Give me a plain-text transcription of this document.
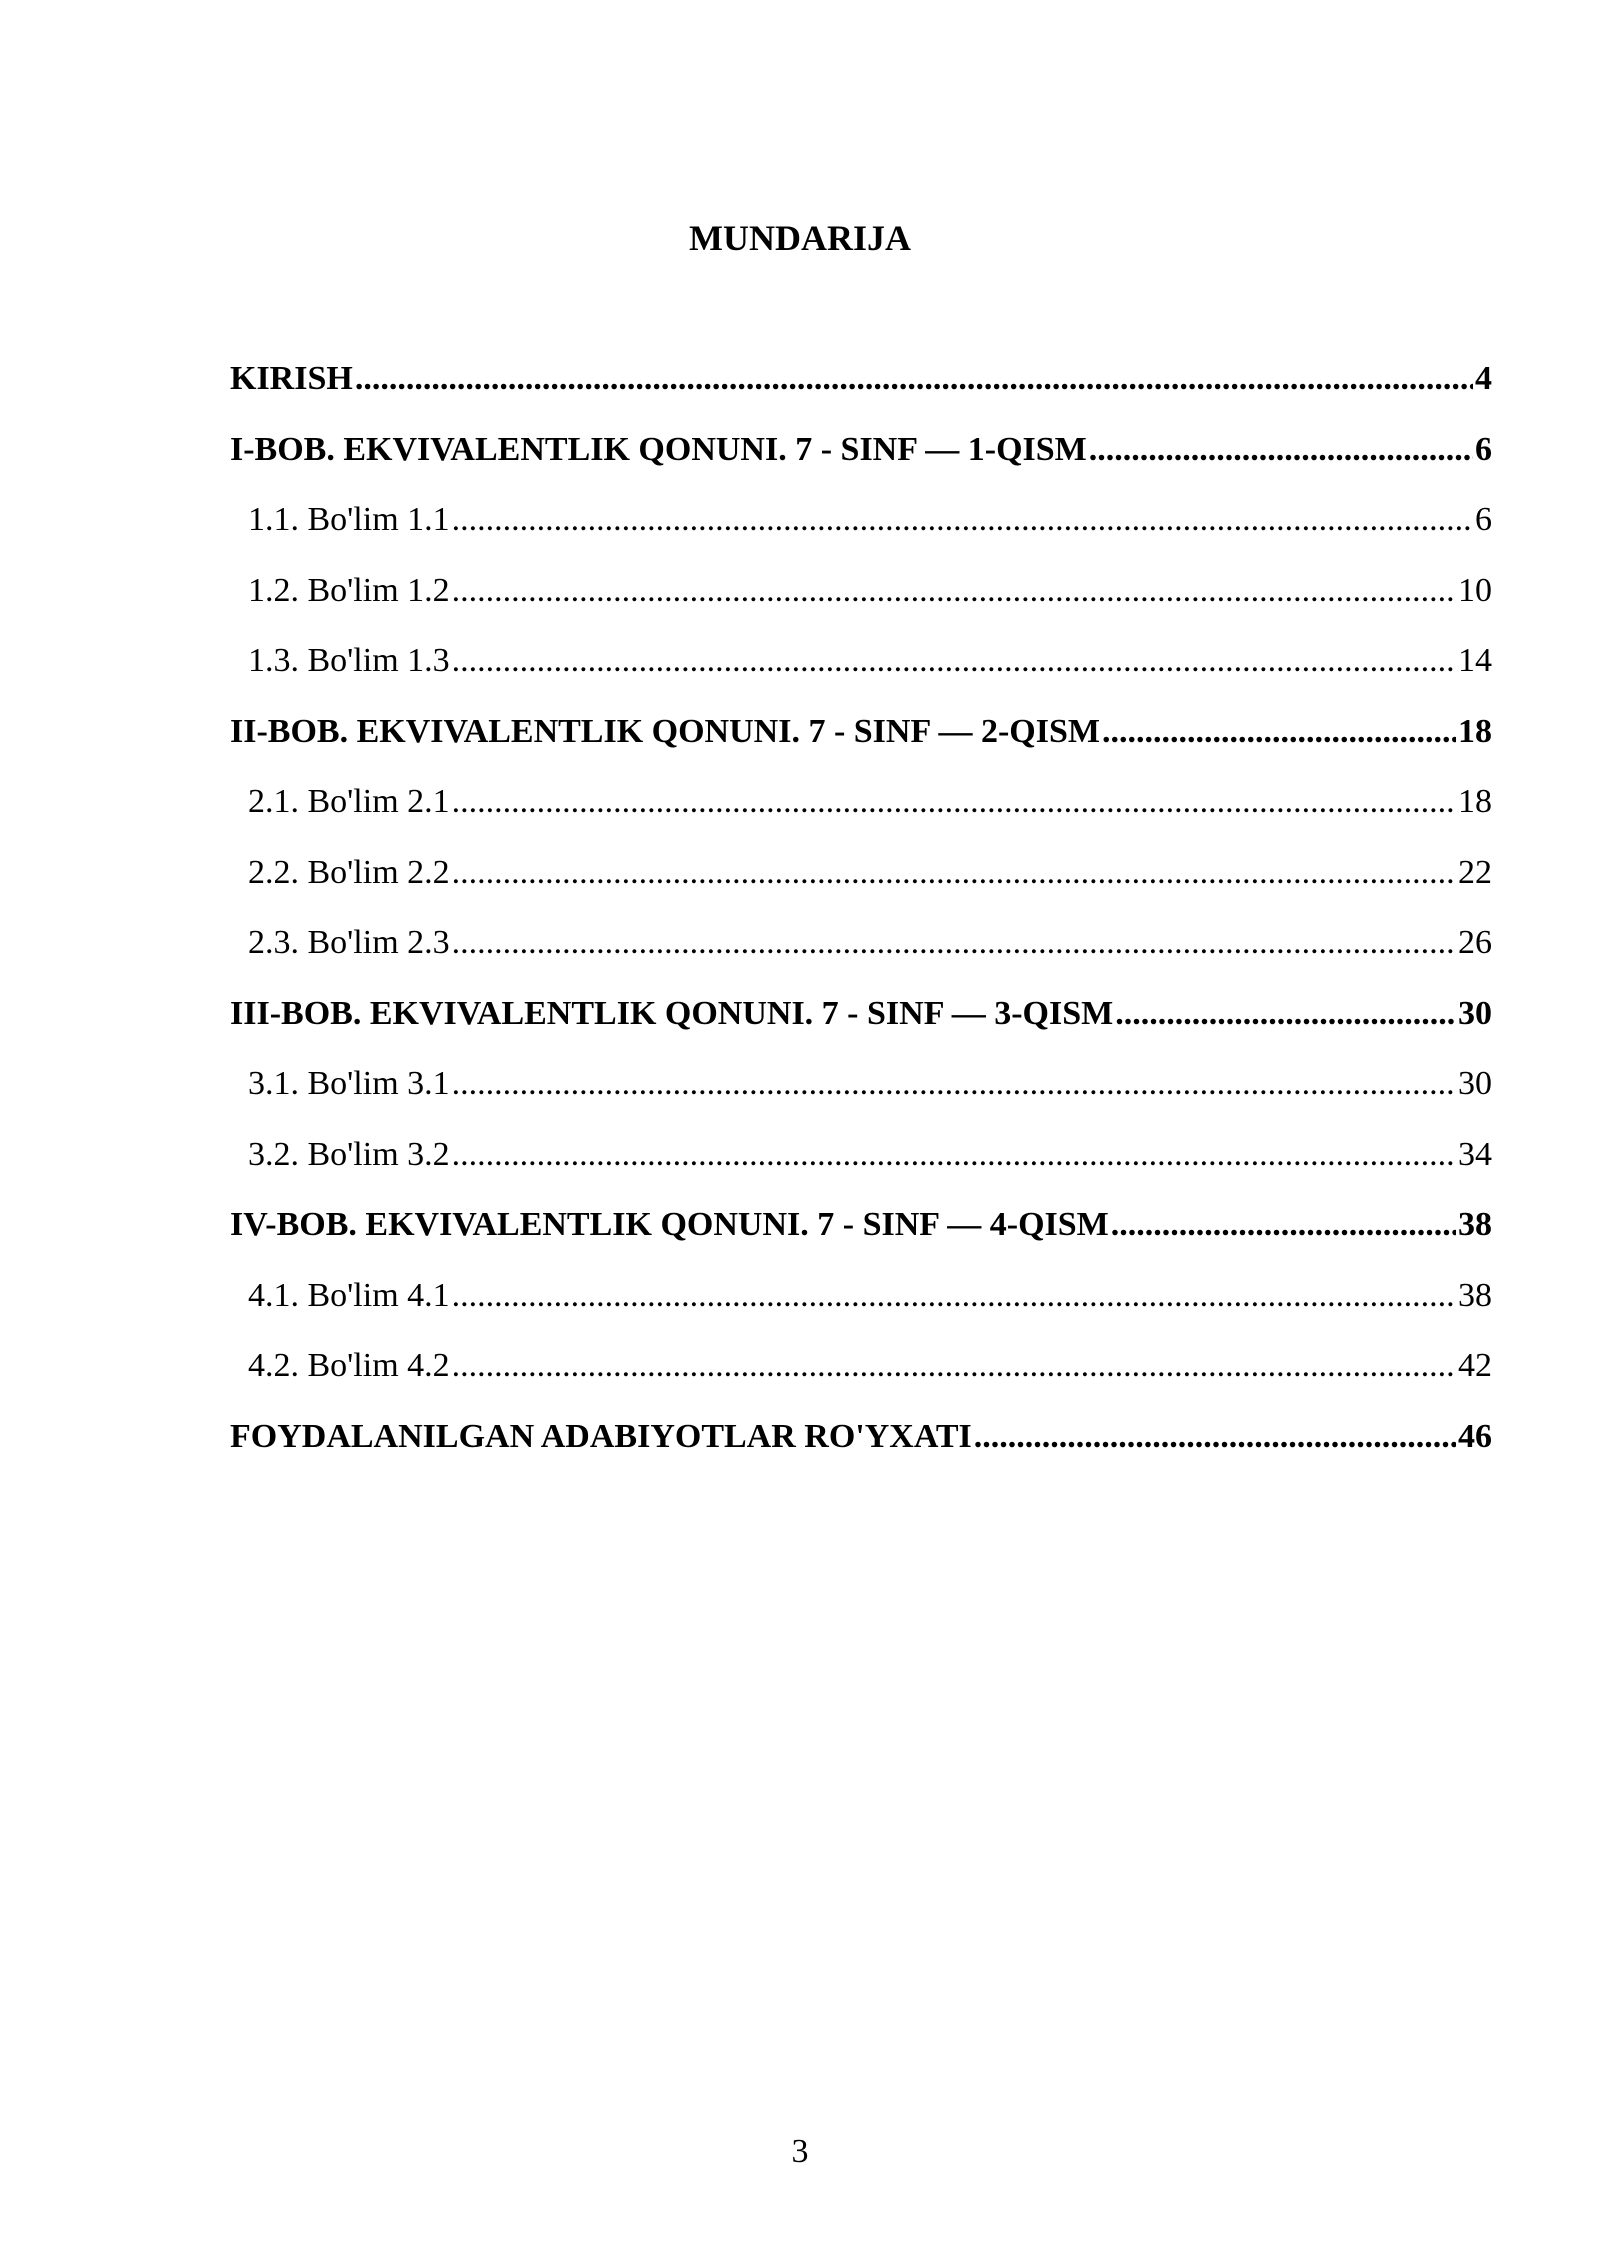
MUNDARIJA
KIRISH .....	4
I-BOB. EKVIVALENTLIK QONUNI. 7 - SINF — 1-QISM .....	6
1.1. Bo'lim 1.1 .....	6
1.2. Bo'lim 1.2 .....	10
1.3. Bo'lim 1.3 .....	14
II-BOB. EKVIVALENTLIK QONUNI. 7 - SINF — 2-QISM .....	18
2.1. Bo'lim 2.1 .....	18
2.2. Bo'lim 2.2 .....	22
2.3. Bo'lim 2.3 .....	26
III-BOB. EKVIVALENTLIK QONUNI. 7 - SINF — 3-QISM .....	30
3.1. Bo'lim 3.1 .....	30
3.2. Bo'lim 3.2 .....	34
IV-BOB. EKVIVALENTLIK QONUNI. 7 - SINF — 4-QISM .....	38
4.1. Bo'lim 4.1 .....	38
4.2. Bo'lim 4.2 .....	42
FOYDALANILGAN ADABIYOTLAR RO'YXATI .....	46
3
